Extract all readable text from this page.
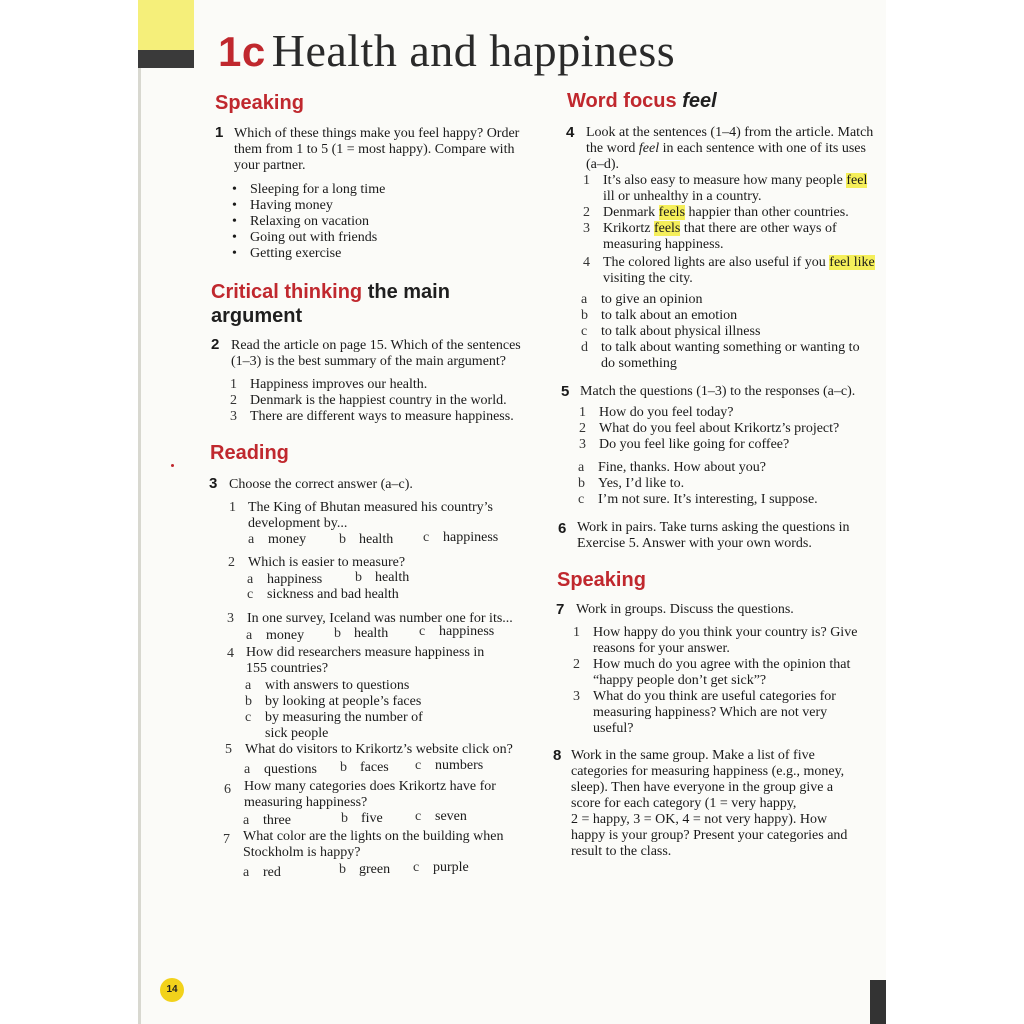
1c Health and happiness
Speaking
1 Which of these things make you feel happy? Order
them from 1 to 5 (1 = most happy). Compare with
your partner.
• Sleeping for a long time
• Having money
• Relaxing on vacation
• Going out with friends
• Getting exercise
Critical thinking the main
argument
2 Read the article on page 15. Which of the sentences
(1–3) is the best summary of the main argument?
1 Happiness improves our health.
2 Denmark is the happiest country in the world.
3 There are different ways to measure happiness.
Reading
3 Choose the correct answer (a–c).
1 The King of Bhutan measured his country’s
development by...
a money b health c happiness
2 Which is easier to measure?
a happiness b health
c sickness and bad health
3 In one survey, Iceland was number one for its...
a money b health c happiness
4 How did researchers measure happiness in
155 countries?
a with answers to questions
b by looking at people’s faces
c by measuring the number of
sick people
5 What do visitors to Krikortz’s website click on?
a questions b faces c numbers
6 How many categories does Krikortz have for
measuring happiness?
a three	b five c seven
7 What color are the lights on the building when
Stockholm is happy?
a red	b green c purple
Word focus feel
4 Look at the sentences (1–4) from the article. Match
the word feel in each sentence with one of its uses
(a–d).
1 It’s also easy to measure how many people feel
ill or unhealthy in a country.
2 Denmark feels happier than other countries.
3 Krikortz feels that there are other ways of
measuring happiness.
4 The colored lights are also useful if you feel like
visiting the city.
a to give an opinion
b to talk about an emotion
c to talk about physical illness
d to talk about wanting something or wanting to
do something
5 Match the questions (1–3) to the responses (a–c).
1 How do you feel today?
2 What do you feel about Krikortz’s project?
3 Do you feel like going for coffee?
a Fine, thanks. How about you?
b Yes, I’d like to.
c I’m not sure. It’s interesting, I suppose.
6 Work in pairs. Take turns asking the questions in
Exercise 5. Answer with your own words.
Speaking
7 Work in groups. Discuss the questions.
1 How happy do you think your country is? Give
reasons for your answer.
2 How much do you agree with the opinion that
“happy people don’t get sick”?
3 What do you think are useful categories for
measuring happiness? Which are not very
useful?
8 Work in the same group. Make a list of five
categories for measuring happiness (e.g., money,
sleep). Then have everyone in the group give a
score for each category (1 = very happy,
2 = happy, 3 = OK, 4 = not very happy). How
happy is your group? Present your categories and
result to the class.
14
